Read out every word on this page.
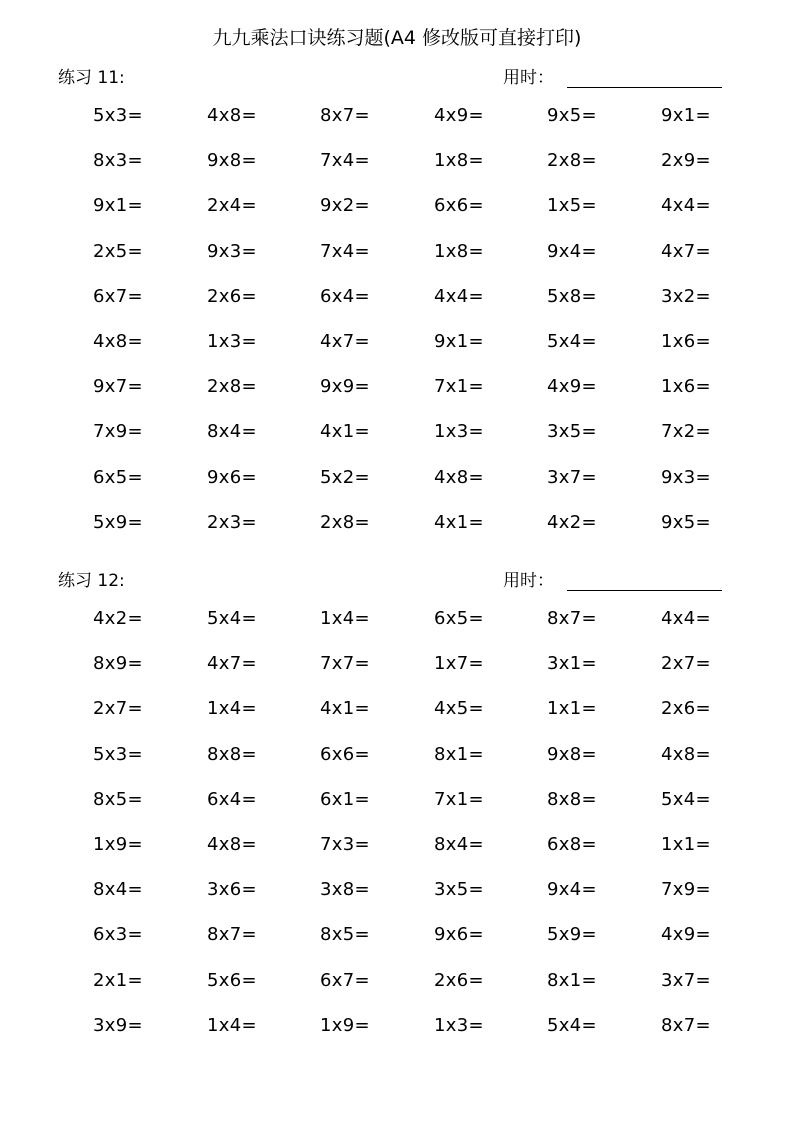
九九乘法口诀练习题(A4 修改版可直接打印)
练习 11:	用时：
5x3=	4x8=	8x7=	4x9=	9x5=	9x1=
8x3=	9x8=	7x4=	1x8=	2x8=	2x9=
9x1=	2x4=	9x2=	6x6=	1x5=	4x4=
2x5=	9x3=	7x4=	1x8=	9x4=	4x7=
6x7=	2x6=	6x4=	4x4=	5x8=	3x2=
4x8=	1x3=	4x7=	9x1=	5x4=	1x6=
9x7=	2x8=	9x9=	7x1=	4x9=	1x6=
7x9=	8x4=	4x1=	1x3=	3x5=	7x2=
6x5=	9x6=	5x2=	4x8=	3x7=	9x3=
5x9=	2x3=	2x8=	4x1=	4x2=	9x5=
练习 12:	用时：
4x2=	5x4=	1x4=	6x5=	8x7=	4x4=
8x9=	4x7=	7x7=	1x7=	3x1=	2x7=
2x7=	1x4=	4x1=	4x5=	1x1=	2x6=
5x3=	8x8=	6x6=	8x1=	9x8=	4x8=
8x5=	6x4=	6x1=	7x1=	8x8=	5x4=
1x9=	4x8=	7x3=	8x4=	6x8=	1x1=
8x4=	3x6=	3x8=	3x5=	9x4=	7x9=
6x3=	8x7=	8x5=	9x6=	5x9=	4x9=
2x1=	5x6=	6x7=	2x6=	8x1=	3x7=
3x9=	1x4=	1x9=	1x3=	5x4=	8x7=
